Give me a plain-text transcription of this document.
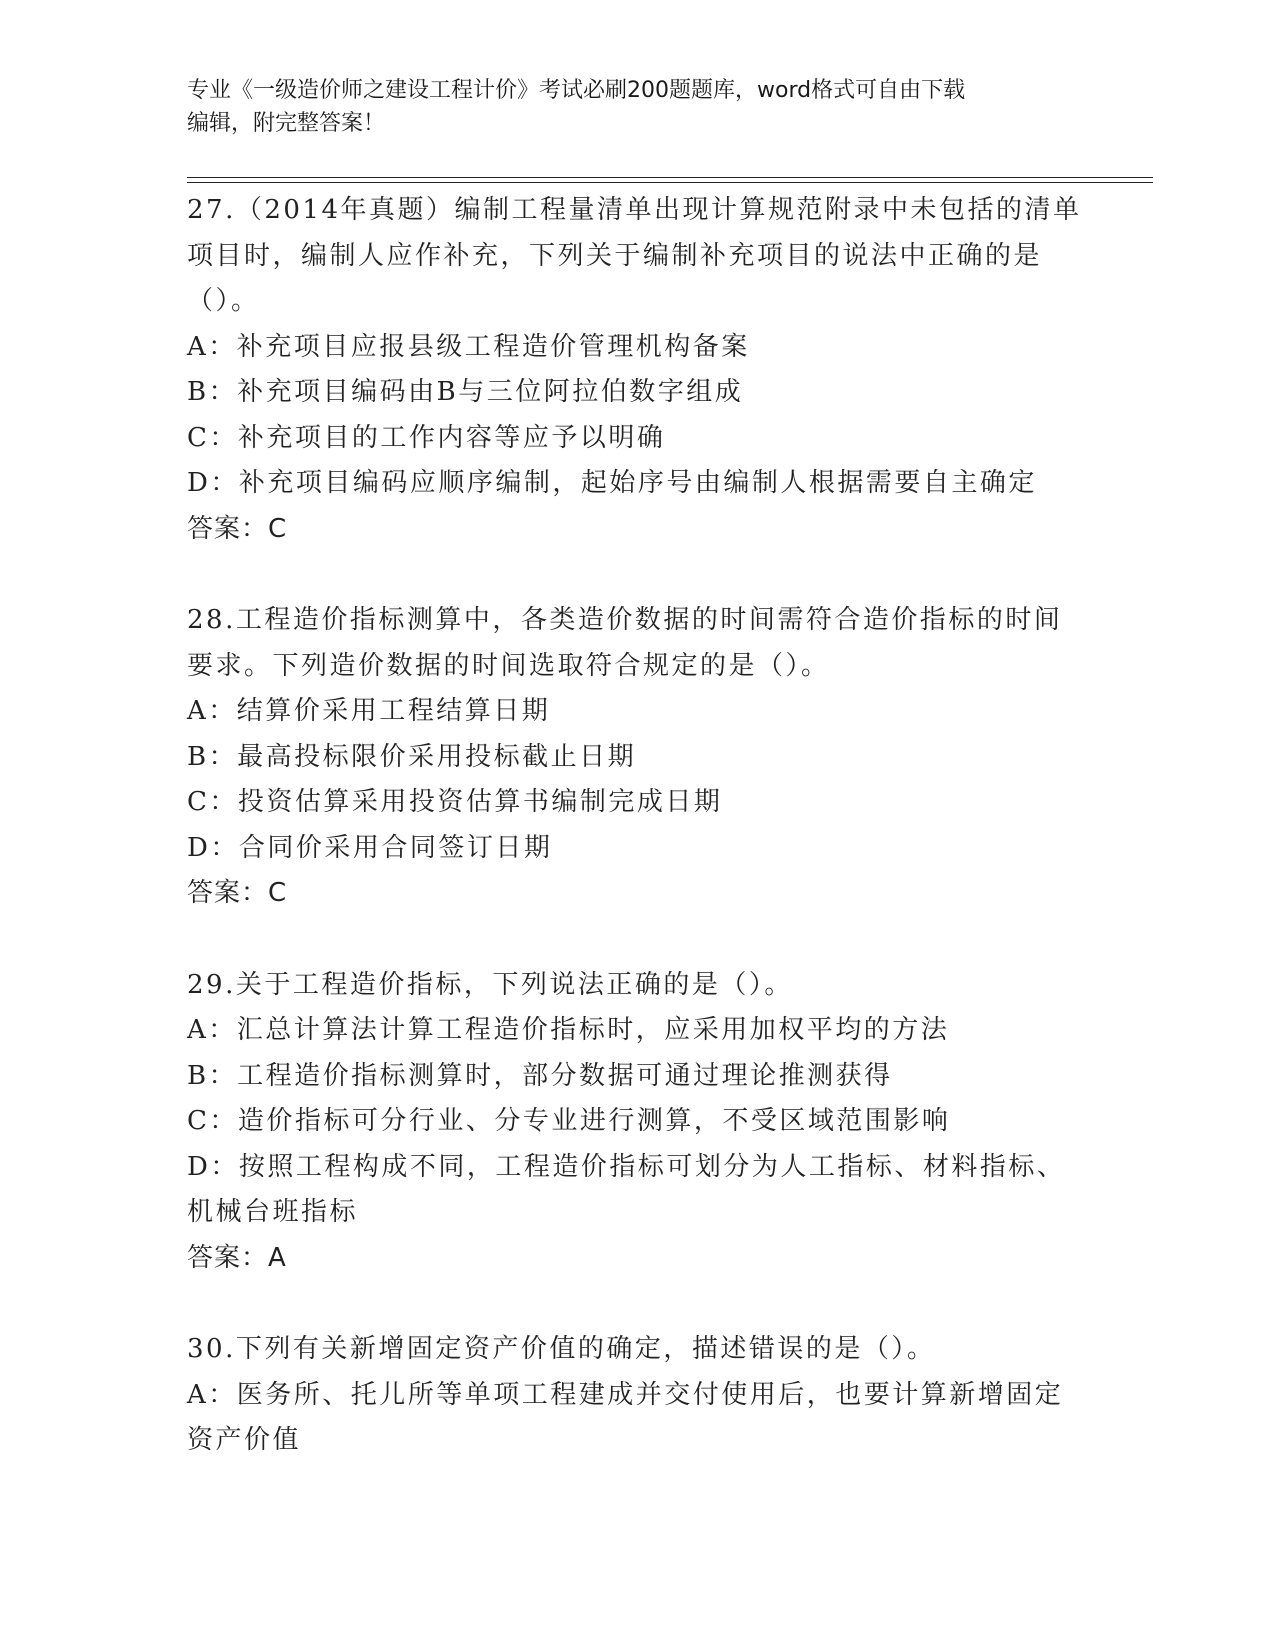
专业《一级造价师之建设工程计价》考试必刷200题题库，word格式可自由下载
编辑，附完整答案！
27.（2014年真题）编制工程量清单出现计算规范附录中未包括的清单
项目时，编制人应作补充，下列关于编制补充项目的说法中正确的是
（）。
A：补充项目应报县级工程造价管理机构备案
B：补充项目编码由B与三位阿拉伯数字组成
C：补充项目的工作内容等应予以明确
D：补充项目编码应顺序编制，起始序号由编制人根据需要自主确定
答案：C
28.工程造价指标测算中，各类造价数据的时间需符合造价指标的时间
要求。下列造价数据的时间选取符合规定的是（）。
A：结算价采用工程结算日期
B：最高投标限价采用投标截止日期
C：投资估算采用投资估算书编制完成日期
D：合同价采用合同签订日期
答案：C
29.关于工程造价指标，下列说法正确的是（）。
A：汇总计算法计算工程造价指标时，应采用加权平均的方法
B：工程造价指标测算时，部分数据可通过理论推测获得
C：造价指标可分行业、分专业进行测算，不受区域范围影响
D：按照工程构成不同，工程造价指标可划分为人工指标、材料指标、
机械台班指标
答案：A
30.下列有关新增固定资产价值的确定，描述错误的是（）。
A：医务所、托儿所等单项工程建成并交付使用后，也要计算新增固定
资产价值
